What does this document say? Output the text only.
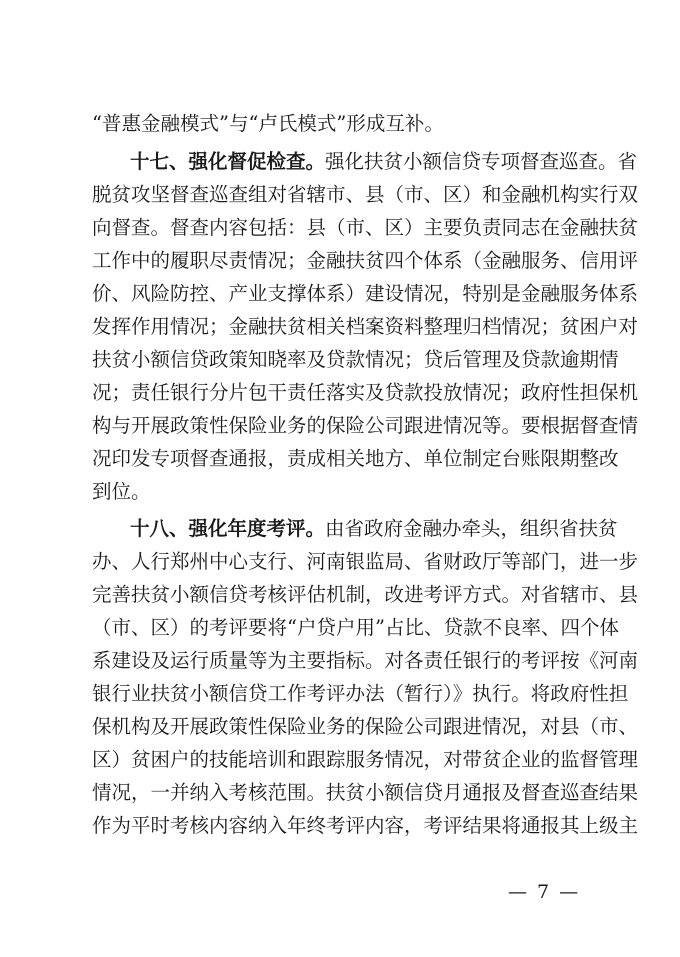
“普惠金融模式”与“卢氏模式”形成互补。
十七、强化督促检查。强化扶贫小额信贷专项督查巡查。省
脱贫攻坚督查巡查组对省辖市、县（市、区）和金融机构实行双
向督查。督查内容包括：县（市、区）主要负责同志在金融扶贫
工作中的履职尽责情况；金融扶贫四个体系（金融服务、信用评
价、风险防控、产业支撑体系）建设情况，特别是金融服务体系
发挥作用情况；金融扶贫相关档案资料整理归档情况；贫困户对
扶贫小额信贷政策知晓率及贷款情况；贷后管理及贷款逾期情
况；责任银行分片包干责任落实及贷款投放情况；政府性担保机
构与开展政策性保险业务的保险公司跟进情况等。要根据督查情
况印发专项督查通报，责成相关地方、单位制定台账限期整改
到位。
十八、强化年度考评。由省政府金融办牵头，组织省扶贫
办、人行郑州中心支行、河南银监局、省财政厅等部门，进一步
完善扶贫小额信贷考核评估机制，改进考评方式。对省辖市、县
（市、区）的考评要将“户贷户用”占比、贷款不良率、四个体
系建设及运行质量等为主要指标。对各责任银行的考评按《河南
银行业扶贫小额信贷工作考评办法（暂行）》执行。将政府性担
保机构及开展政策性保险业务的保险公司跟进情况，对县（市、
区）贫困户的技能培训和跟踪服务情况，对带贫企业的监督管理
情况，一并纳入考核范围。扶贫小额信贷月通报及督查巡查结果
作为平时考核内容纳入年终考评内容，考评结果将通报其上级主
— 7 —
